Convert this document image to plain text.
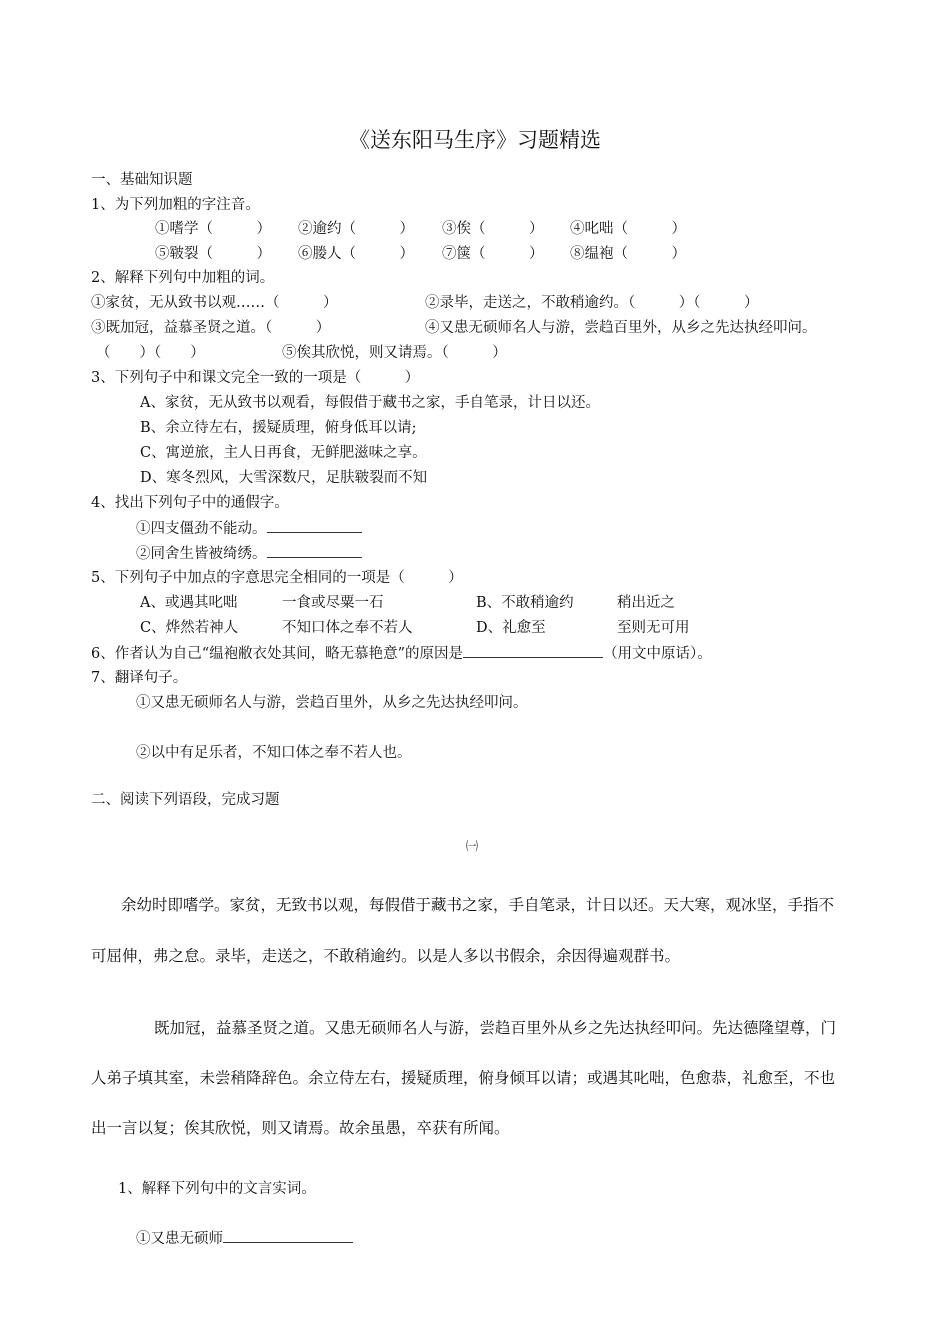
《送东阳马生序》习题精选
一、基础知识题
1、为下列加粗的字注音。
①嗜学（　　　） ②逾约（　　　） ③俟（　　　） ④叱咄（　　　）
⑤皲裂（　　　） ⑥媵人（　　　） ⑦箧（　　　） ⑧缊袍（　　　）
2、解释下列句中加粗的词。
①家贫，无从致书以观……（　　　）	②录毕，走送之，不敢稍逾约。（　　　）（　　　）
③既加冠，益慕圣贤之道。（　　　）	④又患无硕师名人与游，尝趋百里外，从乡之先达执经叩问。
（　　）（　　）	⑤俟其欣悦，则又请焉。（　　　）
3、下列句子中和课文完全一致的一项是（　　　）
A、家贫，无从致书以观看，每假借于藏书之家，手自笔录，计日以还。
B、余立待左右，援疑质理，俯身低耳以请;
C、寓逆旅，主人日再食，无鲜肥滋味之享。
D、寒冬烈风，大雪深数尺，足肤皲裂而不知
4、找出下列句子中的通假字。
①四支僵劲不能动。
②同舍生皆被绮绣。
5、下列句子中加点的字意思完全相同的一项是（　　　）
A、或遇其叱咄	一食或尽粟一石	B、不敢稍逾约	稍出近之
C、烨然若神人	不知口体之奉不若人	D、礼愈至	至则无可用
6、作者认为自己“缊袍敝衣处其间，略无慕艳意”的原因是	（用文中原话）。
7、翻译句子。
①又患无硕师名人与游，尝趋百里外，从乡之先达执经叩问。
②以中有足乐者，不知口体之奉不若人也。
二、阅读下列语段，完成习题
㈠
余幼时即嗜学。家贫，无致书以观，每假借于藏书之家，手自笔录，计日以还。天大寒，观冰坚，手指不
可屈伸，弗之怠。录毕，走送之，不敢稍逾约。以是人多以书假余，余因得遍观群书。
既加冠，益慕圣贤之道。又患无硕师名人与游，尝趋百里外从乡之先达执经叩问。先达德隆望尊，门
人弟子填其室，未尝稍降辞色。余立侍左右，援疑质理，俯身倾耳以请；或遇其叱咄，色愈恭，礼愈至，不也
出一言以复；俟其欣悦，则又请焉。故余虽愚，卒获有所闻。
1、解释下列句中的文言实词。
①又患无硕师
